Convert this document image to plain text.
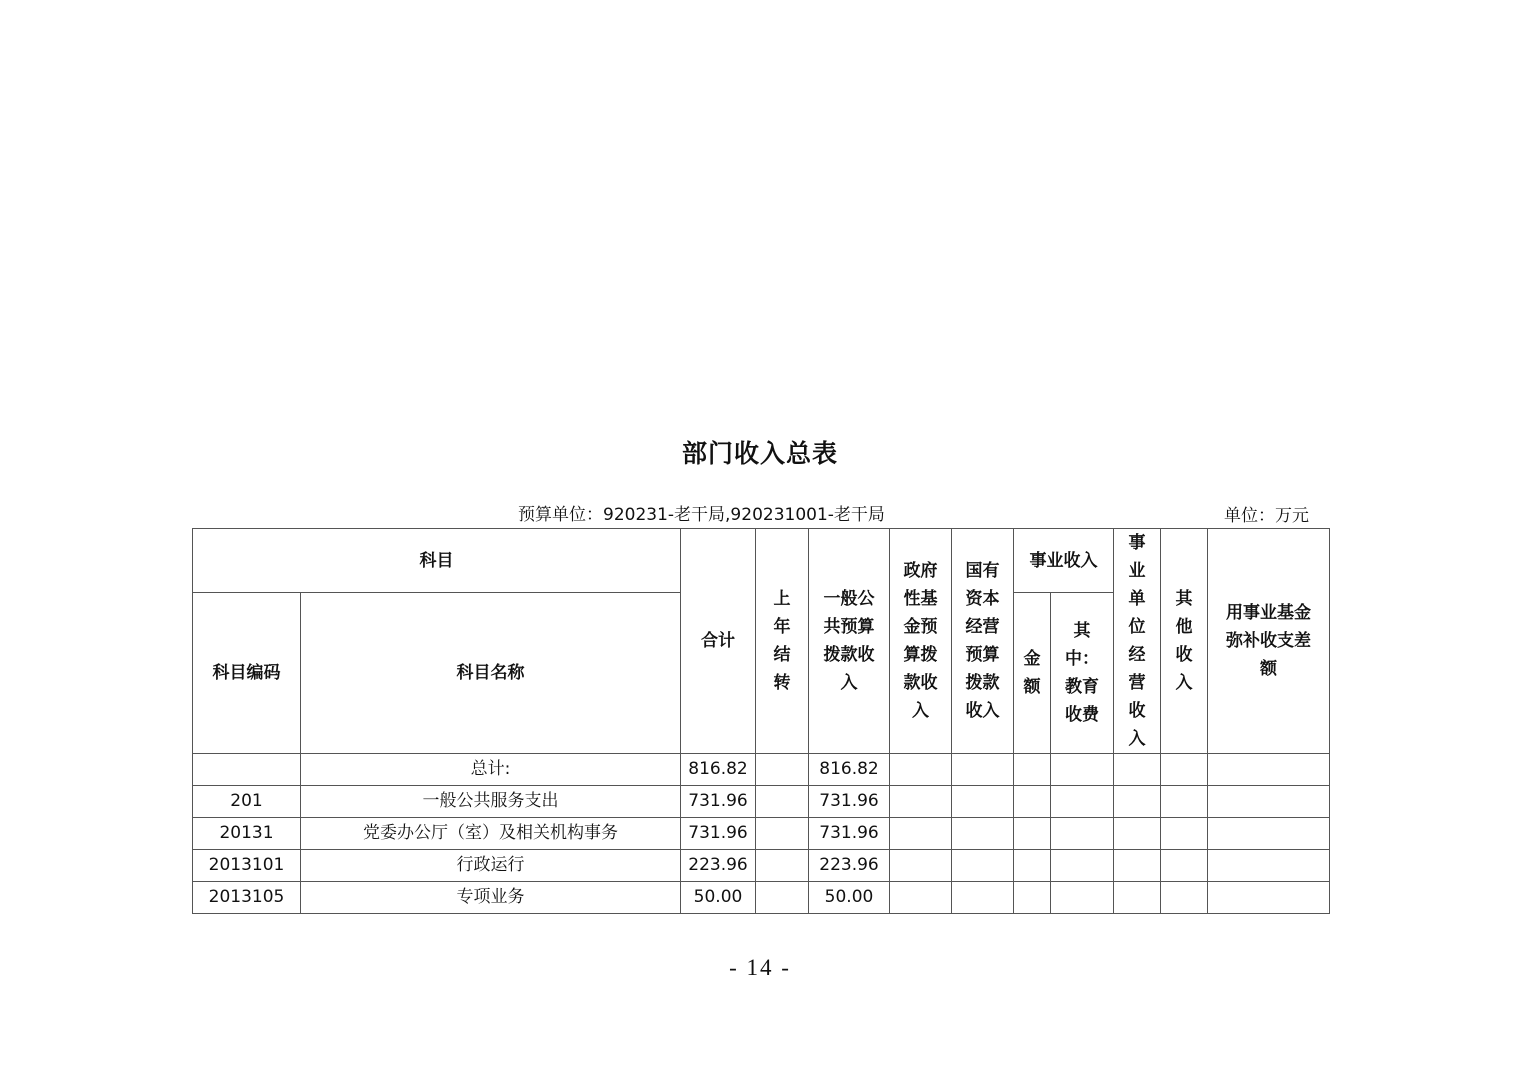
部门收入总表
预算单位：920231-老干局,920231001-老干局	单位：万元
科目		合计	上年结转	一般公共预算拨款收入	政府性基金预算拨款收入	国有资本经营预算拨款收入	事业收入		事业单位经营收入	其他收入	用事业基金弥补收支差额
科目编码	科目名称						金额	其中：教育收费			
	总计:	816.82		816.82							
201	一般公共服务支出	731.96		731.96							
20131	党委办公厅（室）及相关机构事务	731.96		731.96							
2013101	行政运行	223.96		223.96							
2013105	专项业务	50.00		50.00							
- 14 -
